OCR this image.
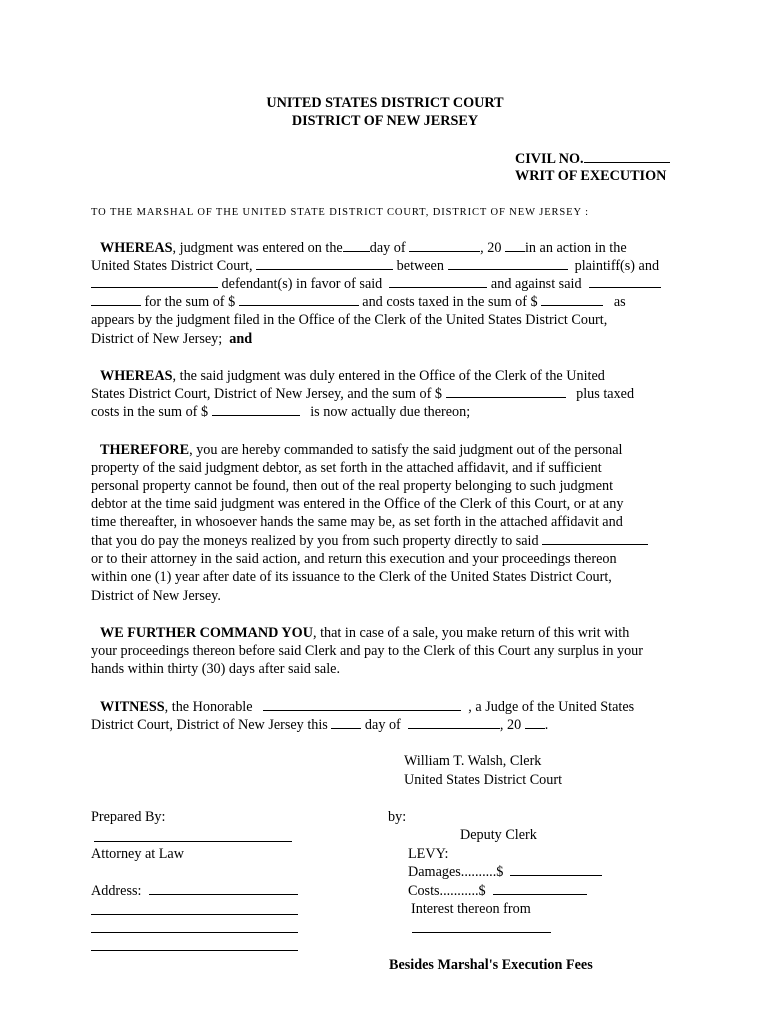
UNITED STATES DISTRICT COURT
DISTRICT OF NEW JERSEY
CIVIL NO.
WRIT OF EXECUTION
TO THE MARSHAL OF THE UNITED STATE DISTRICT COURT, DISTRICT OF NEW JERSEY :
WHEREAS, judgment was entered on the day of	, 20 in an action in the
United States District Court,	between	plaintiff(s) and
defendant(s) in favor of said	and against said
for the sum of $	and costs taxed in the sum of $	as
appears by the judgment filed in the Office of the Clerk of the United States District Court,
District of New Jersey; and
WHEREAS, the said judgment was duly entered in the Office of the Clerk of the United
States District Court, District of New Jersey, and the sum of $	plus taxed
costs in the sum of $	is now actually due thereon;
THEREFORE, you are hereby commanded to satisfy the said judgment out of the personal
property of the said judgment debtor, as set forth in the attached affidavit, and if sufficient
personal property cannot be found, then out of the real property belonging to such judgment
debtor at the time said judgment was entered in the Office of the Clerk of this Court, or at any
time thereafter, in whosoever hands the same may be, as set forth in the attached affidavit and
that you do pay the moneys realized by you from such property directly to said
or to their attorney in the said action, and return this execution and your proceedings thereon
within one (1) year after date of its issuance to the Clerk of the United States District Court,
District of New Jersey.
WE FURTHER COMMAND YOU, that in case of a sale, you make return of this writ with
your proceedings thereon before said Clerk and pay to the Clerk of this Court any surplus in your
hands within thirty (30) days after said sale.
WITNESS, the Honorable	, a Judge of the United States
District Court, District of New Jersey this	day of	, 20 .
William T. Walsh, Clerk
United States District Court
Prepared By:	by:
Deputy Clerk
Attorney at Law	LEVY:
Damages..........$
Address:	Costs...........$
Interest thereon from
Besides Marshal's Execution Fees
